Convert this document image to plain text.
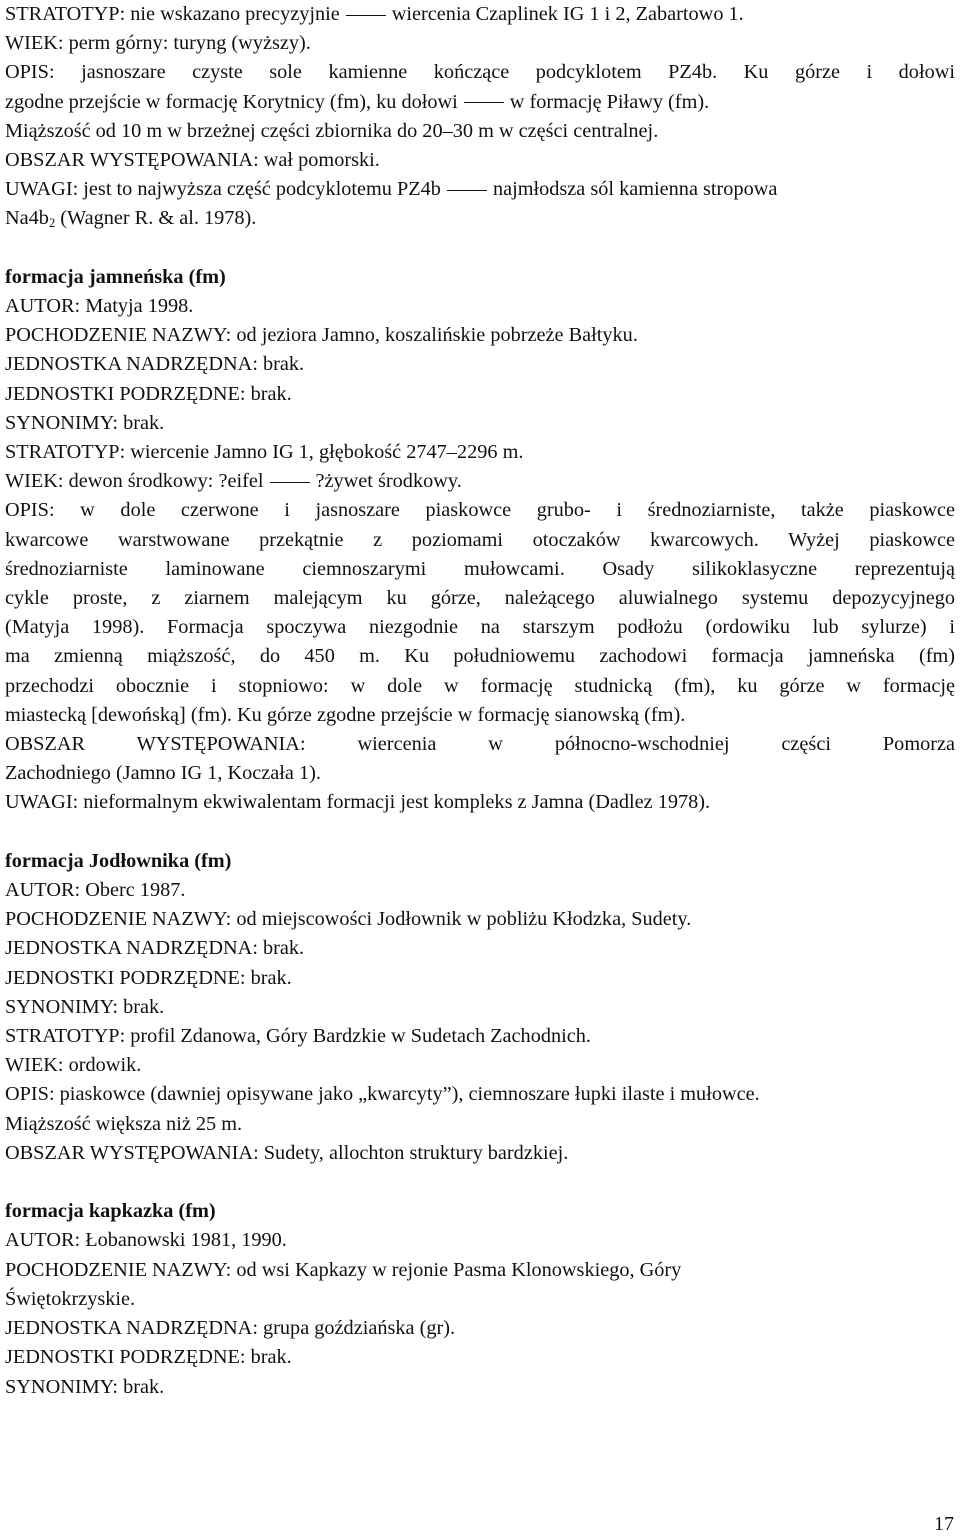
STRATOTYP: nie wskazano precyzyjnie	wiercenia Czaplinek IG 1 i 2, Zabartowo 1.
WIEK: perm górny: turyng (wyższy).
OPIS: jasnoszare czyste sole kamienne kończące podcyklotem PZ4b. Ku górze i dołowi
zgodne przejście w formację Korytnicy (fm), ku dołowi	w formację Piławy (fm).
Miąższość od 10 m w brzeżnej części zbiornika do 20–30 m w części centralnej.
OBSZAR WYSTĘPOWANIA: wał pomorski.
UWAGI: jest to najwyższa część podcyklotemu PZ4b	najmłodsza sól kamienna stropowa
$Na4b_2$ (Wagner R. & al. 1978).
formacja jamneńska (fm)
AUTOR: Matyja 1998.
POCHODZENIE NAZWY: od jeziora Jamno, koszalińskie pobrzeże Bałtyku.
JEDNOSTKA NADRZĘDNA: brak.
JEDNOSTKI PODRZĘDNE: brak.
SYNONIMY: brak.
STRATOTYP: wiercenie Jamno IG 1, głębokość 2747–2296 m.
WIEK: dewon środkowy: ?eifel	?żywet środkowy.
OPIS: w dole czerwone i jasnoszare piaskowce grubo- i średnoziarniste, także piaskowce
kwarcowe warstwowane przekątnie z poziomami otoczaków kwarcowych. Wyżej piaskowce
średnoziarniste laminowane ciemnoszarymi mułowcami. Osady silikoklasyczne reprezentują
cykle proste, z ziarnem malejącym ku górze, należącego aluwialnego systemu depozycyjnego
(Matyja 1998). Formacja spoczywa niezgodnie na starszym podłożu (ordowiku lub sylurze) i
ma zmienną miąższość, do 450 m. Ku południowemu zachodowi formacja jamneńska (fm)
przechodzi obocznie i stopniowo: w dole w formację studnicką (fm), ku górze w formację
miastecką [dewońską] (fm). Ku górze zgodne przejście w formację sianowską (fm).
OBSZAR WYSTĘPOWANIA: wiercenia w północno-wschodniej części Pomorza
Zachodniego (Jamno IG 1, Koczała 1).
UWAGI: nieformalnym ekwiwalentam formacji jest kompleks z Jamna (Dadlez 1978).
formacja Jodłownika (fm)
AUTOR: Oberc 1987.
POCHODZENIE NAZWY: od miejscowości Jodłownik w pobliżu Kłodzka, Sudety.
JEDNOSTKA NADRZĘDNA: brak.
JEDNOSTKI PODRZĘDNE: brak.
SYNONIMY: brak.
STRATOTYP: profil Zdanowa, Góry Bardzkie w Sudetach Zachodnich.
WIEK: ordowik.
OPIS: piaskowce (dawniej opisywane jako „kwarcyty”), ciemnoszare łupki ilaste i mułowce.
Miąższość większa niż 25 m.
OBSZAR WYSTĘPOWANIA: Sudety, allochton struktury bardzkiej.
formacja kapkazka (fm)
AUTOR: Łobanowski 1981, 1990.
POCHODZENIE NAZWY: od wsi Kapkazy w rejonie Pasma Klonowskiego, Góry
Świętokrzyskie.
JEDNOSTKA NADRZĘDNA: grupa goździańska (gr).
JEDNOSTKI PODRZĘDNE: brak.
SYNONIMY: brak.
17
